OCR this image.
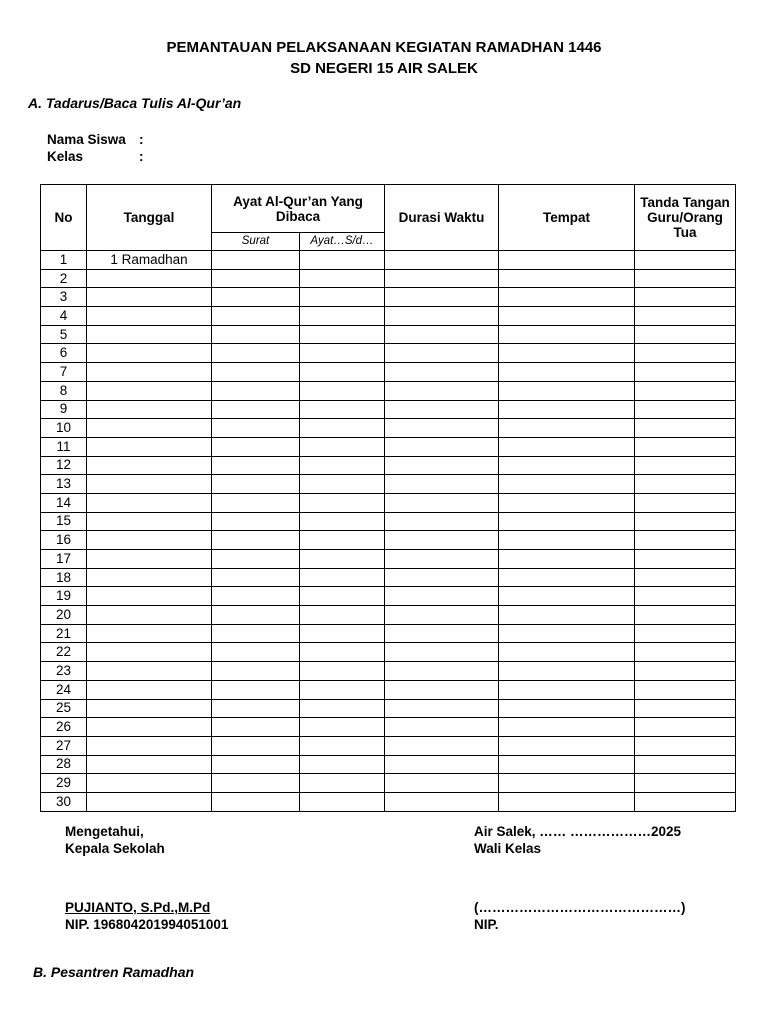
PEMANTAUAN PELAKSANAAN KEGIATAN RAMADHAN 1446
SD NEGERI 15 AIR SALEK
A. Tadarus/Baca Tulis Al-Qur’an
Nama Siswa :
Kelas	:
No	Tanggal	Ayat Al-Qur’an Yang Dibaca		Durasi Waktu	Tempat	Tanda Tangan Guru/Orang Tua
		Surat	Ayat…S/d…			
1	1 Ramadhan					
2						
3						
4						
5						
6						
7						
8						
9						
10						
11						
12						
13						
14						
15						
16						
17						
18						
19						
20						
21						
22						
23						
24						
25						
26						
27						
28						
29						
30						
Mengetahui,
Kepala Sekolah
Air Salek, …… ………………2025
Wali Kelas
PUJIANTO, S.Pd.,M.Pd
NIP. 196804201994051001
(………………………………………)
NIP.
B. Pesantren Ramadhan
